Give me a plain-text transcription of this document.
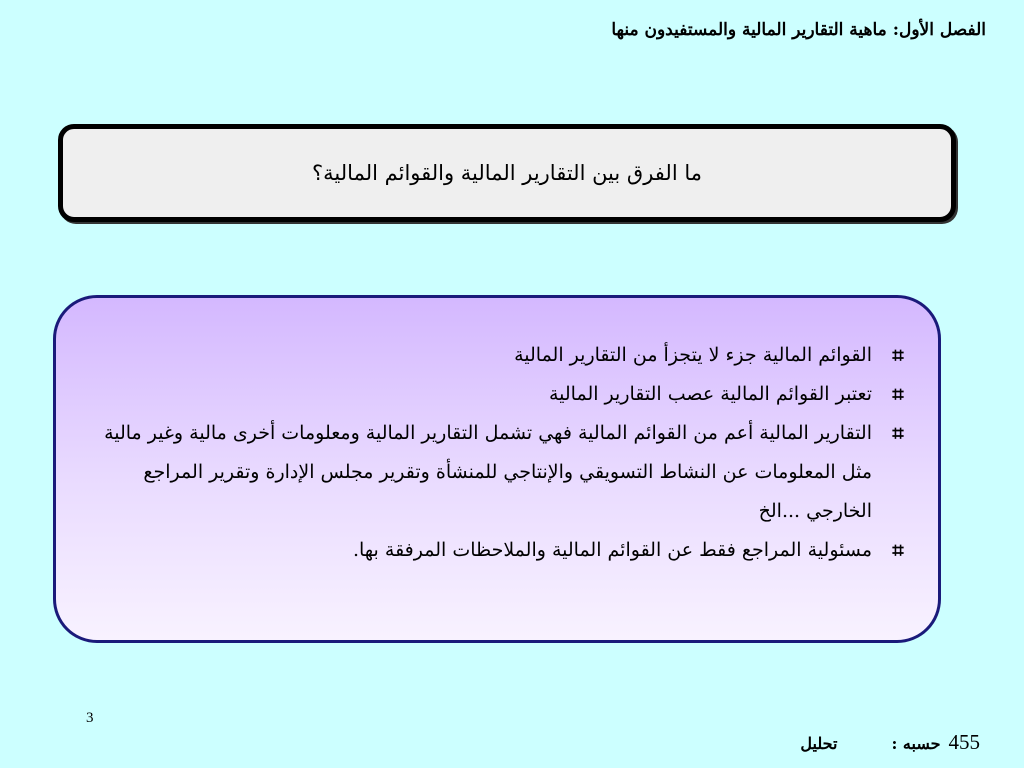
الفصل الأول: ماهية التقارير المالية والمستفيدون منها
ما الفرق بين التقارير المالية والقوائم المالية؟
⌗
القوائم المالية جزء لا يتجزأ من التقارير المالية
⌗
تعتبر القوائم المالية عصب التقارير المالية
⌗
التقارير المالية أعم من القوائم المالية فهي تشمل التقارير المالية ومعلومات أخرى مالية وغير مالية مثل المعلومات عن النشاط التسويقي والإنتاجي للمنشأة وتقرير مجلس الإدارة وتقرير المراجع الخارجي ...الخ
⌗
مسئولية المراجع فقط عن القوائم المالية والملاحظات المرفقة بها.
3
455
حسبه :
تحليل
